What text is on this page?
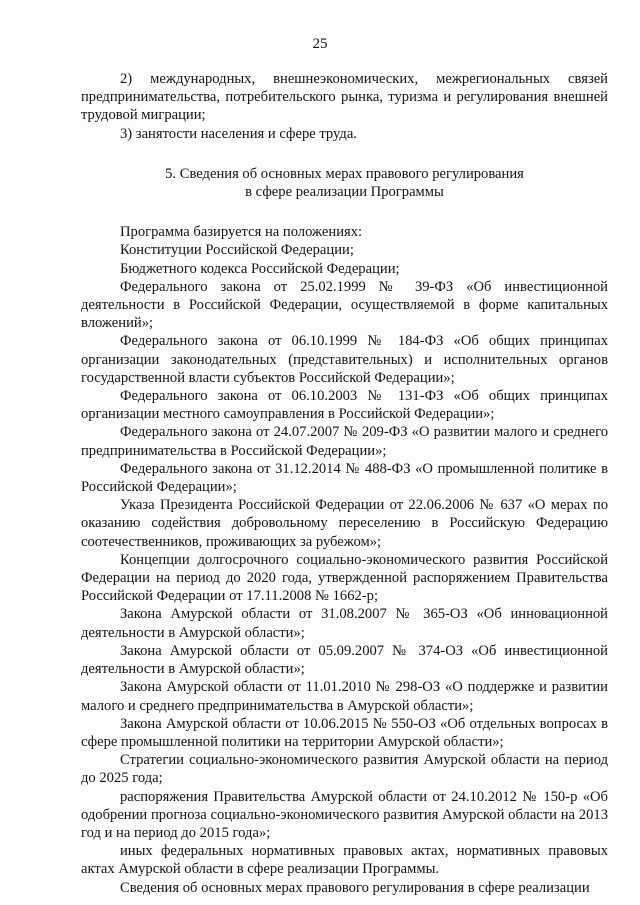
25

2) международных, внешнеэкономических, межрегиональных связей предпринимательства, потребительского рынка, туризма и регулирования внешней трудовой миграции;

3) занятости населения и сфере труда.

5. Сведения об основных мерах правового регулирования
в сфере реализации Программы

Программа базируется на положениях:

Конституции Российской Федерации;

Бюджетного кодекса Российской Федерации;

Федерального закона от 25.02.1999 № 39-ФЗ «Об инвестиционной деятельности в Российской Федерации, осуществляемой в форме капитальных вложений»;

Федерального закона от 06.10.1999 № 184-ФЗ «Об общих принципах организации законодательных (представительных) и исполнительных органов государственной власти субъектов Российской Федерации»;

Федерального закона от 06.10.2003 № 131-ФЗ «Об общих принципах организации местного самоуправления в Российской Федерации»;

Федерального закона от 24.07.2007 № 209-ФЗ «О развитии малого и среднего предпринимательства в Российской Федерации»;

Федерального закона от 31.12.2014 № 488-ФЗ «О промышленной политике в Российской Федерации»;

Указа Президента Российской Федерации от 22.06.2006 № 637 «О мерах по оказанию содействия добровольному переселению в Российскую Федерацию соотечественников, проживающих за рубежом»;

Концепции долгосрочного социально-экономического развития Российской Федерации на период до 2020 года, утвержденной распоряжением Правительства Российской Федерации от 17.11.2008 № 1662-р;

Закона Амурской области от 31.08.2007 № 365-ОЗ «Об инновационной деятельности в Амурской области»;

Закона Амурской области от 05.09.2007 № 374-ОЗ «Об инвестиционной деятельности в Амурской области»;

Закона Амурской области от 11.01.2010 № 298-ОЗ «О поддержке и развитии малого и среднего предпринимательства в Амурской области»;

Закона Амурской области от 10.06.2015 № 550-ОЗ «Об отдельных вопросах в сфере промышленной политики на территории Амурской области»;

Стратегии социально-экономического развития Амурской области на период до 2025 года;

распоряжения Правительства Амурской области от 24.10.2012 № 150-р «Об одобрении прогноза социально-экономического развития Амурской области на 2013 год и на период до 2015 года»;

иных федеральных нормативных правовых актах, нормативных правовых актах Амурской области в сфере реализации Программы.

Сведения об основных мерах правового регулирования в сфере реализации
